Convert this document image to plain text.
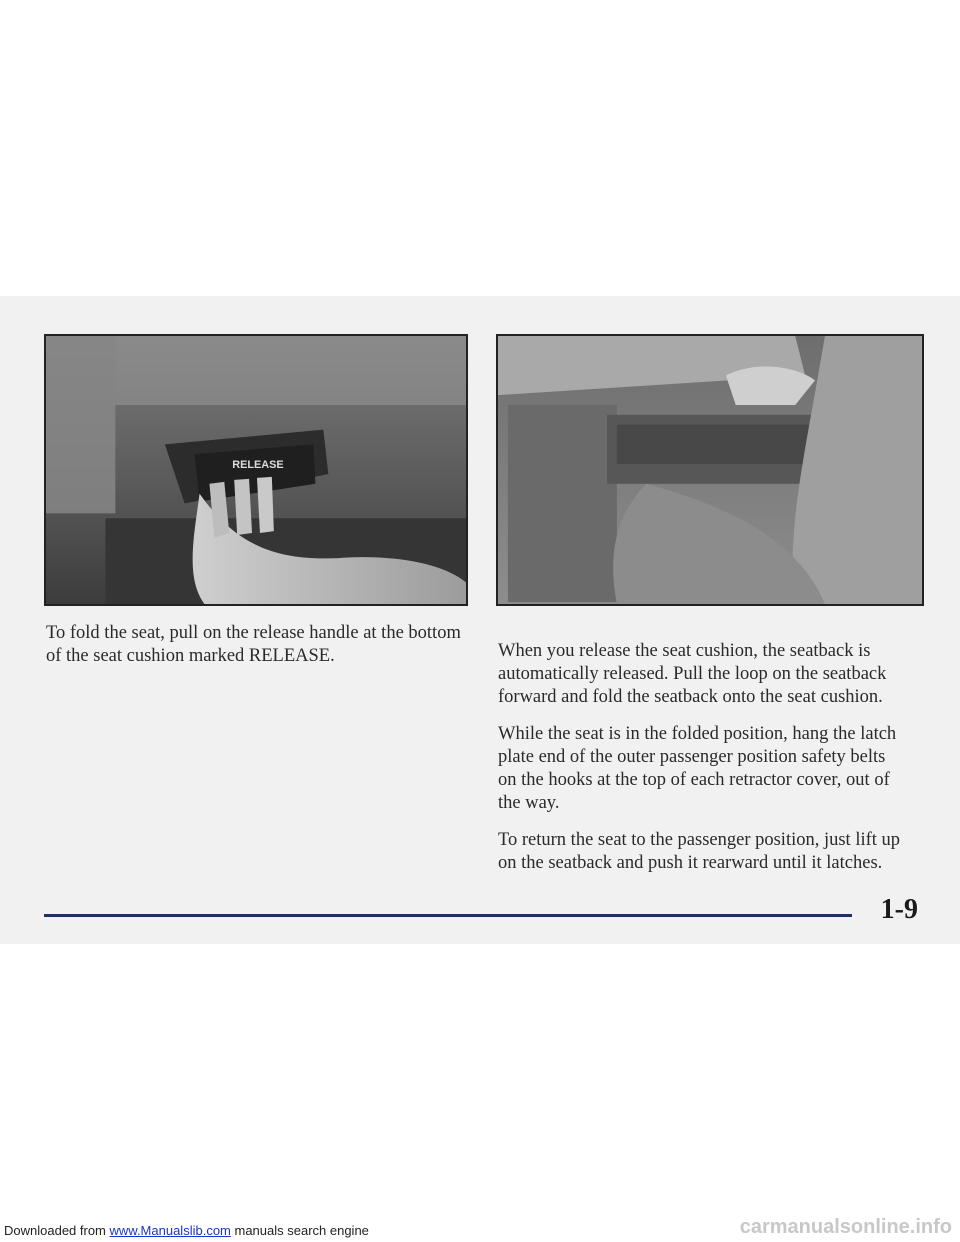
RELEASE

To fold the seat, pull on the release handle at the bottom of the seat cushion marked RELEASE.	When you release the seat cushion, the seatback is automatically released. Pull the loop on the seatback forward and fold the seatback onto the seat cushion.

While the seat is in the folded position, hang the latch plate end of the outer passenger position safety belts on the hooks at the top of each retractor cover, out of the way.

To return the seat to the passenger position, just lift up on the seatback and push it rearward until it latches.

1-9
Downloaded from www.Manualslib.com manuals search engine	carmanualsonline.info
